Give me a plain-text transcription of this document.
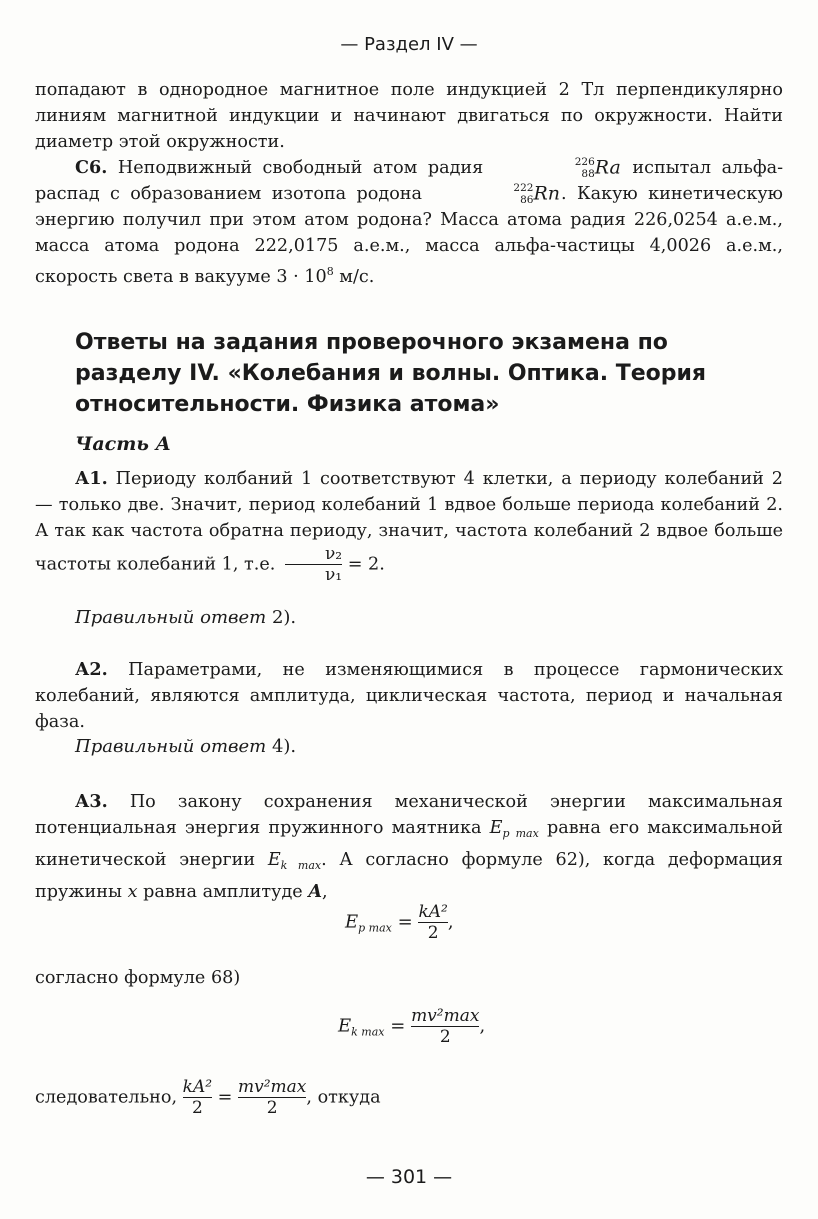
— Раздел IV —
попадают в однородное магнитное поле индукцией 2 Тл перпендикулярно линиям магнитной индукции и начинают двигаться по окружности. Найти диаметр этой окружности.
С6. Неподвижный свободный атом радия	226
88Ra испытал альфа-распад с образованием изотопа родона	222
86Rn. Какую кинетическую энергию получил при этом атом родона? Масса атома радия 226,0254 а.е.м., масса атома родона 222,0175 а.е.м., масса альфа-частицы 4,0026 а.е.м., скорость света в вакууме $3 \cdot 10^8$ м/с.
Ответы на задания проверочного экзамена по разделу IV. «Колебания и волны. Оптика. Теория относительности. Физика атома»
Часть А
А1. Периоду колбаний 1 соответствуют 4 клетки, а периоду колебаний 2 — только две. Значит, период колебаний 1 вдвое больше периода колебаний 2. А так как частота обратна периоду, значит, частота колебаний 2 вдвое больше частоты колебаний 1, т.е. $\frac{\text{ν₂}}{\text{ν₁}} = 2$.
Правильный ответ 2).
А2. Параметрами, не изменяющимися в процессе гармонических колебаний, являются амплитуда, циклическая частота, период и начальная фаза.
Правильный ответ 4).
А3. По закону сохранения механической энергии максимальная потенциальная энергия пружинного маятника $E_{p max}$ равна его максимальной кинетической энергии $E_{k max}$. А согласно формуле 62), когда деформация пружины x равна амплитуде A,
$E_{p max} = \frac{\text{kA²}}{2}$ ,
согласно формуле 68)
$E_{k max} = \frac{\text{mv²max}}{2}$ ,
следовательно, $\frac{\text{kA²}}{2} = \frac{\text{mv²max}}{2}$ , откуда
— 301 —
